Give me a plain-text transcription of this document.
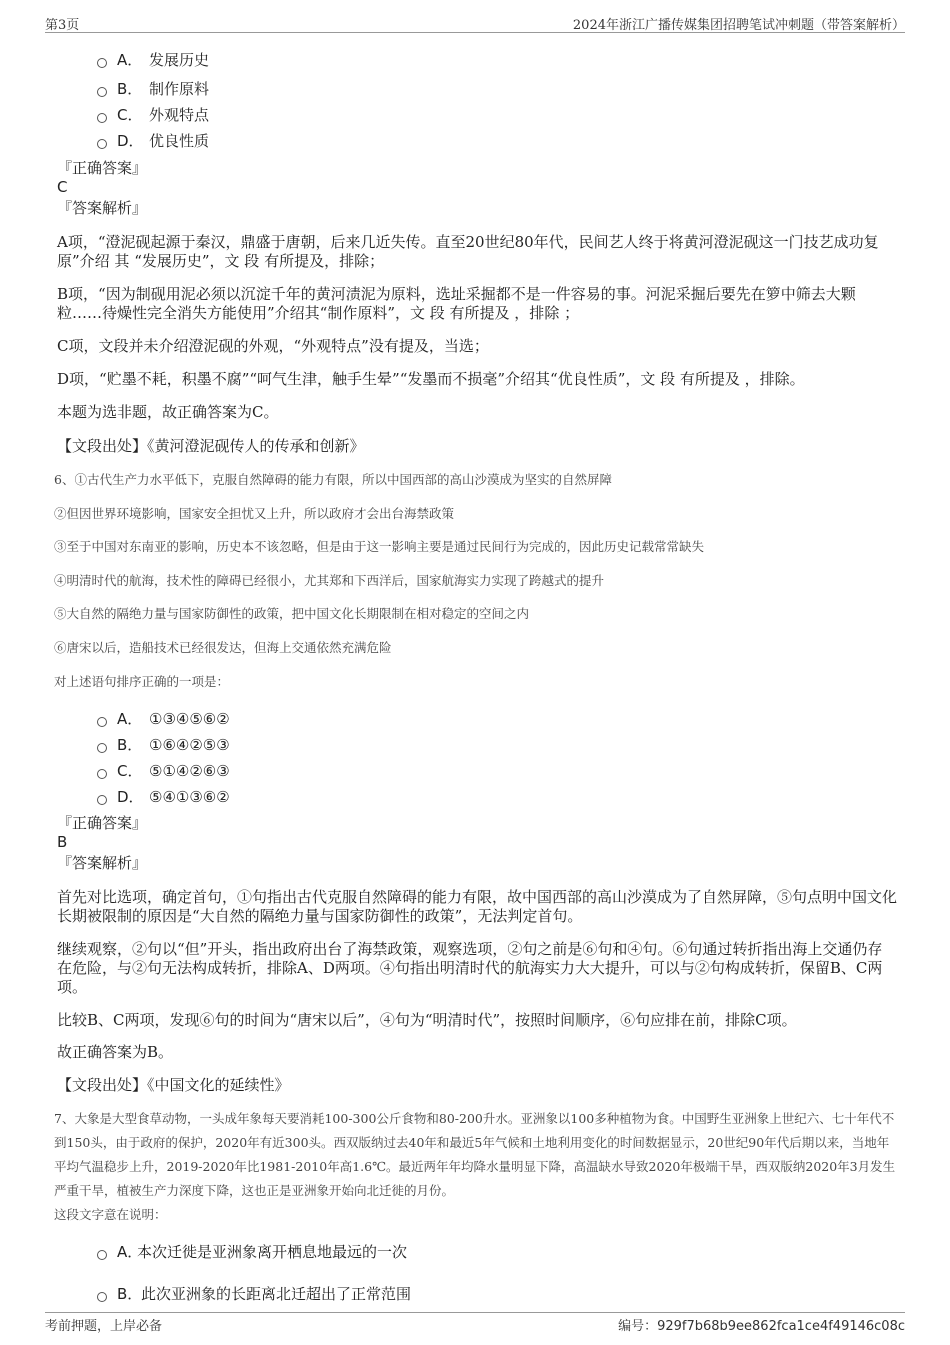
第3页	2024年浙江广播传媒集团招聘笔试冲刺题（带答案解析）
A． 发展历史
B． 制作原料
C． 外观特点
D． 优良性质
『正确答案』
C
『答案解析』
A项，“澄泥砚起源于秦汉，鼎盛于唐朝，后来几近失传。直至20世纪80年代，民间艺人终于将黄河澄泥砚这一门技艺成功复原”介绍 其 “发展历史”，文 段 有所提及，排除；
B项，“因为制砚用泥必须以沉淀千年的黄河渍泥为原料，选址采掘都不是一件容易的事。河泥采掘后要先在箩中筛去大颗粒……待燥性完全消失方能使用”介绍其“制作原料”，文 段 有所提及 ，排除 ；
C项，文段并未介绍澄泥砚的外观，“外观特点”没有提及，当选；
D项，“贮墨不耗，积墨不腐”“呵气生津，触手生晕”“发墨而不损毫”介绍其“优良性质”，文 段 有所提及 ，排除。
本题为选非题，故正确答案为C。
【文段出处】《黄河澄泥砚传人的传承和创新》
6、①古代生产力水平低下，克服自然障碍的能力有限，所以中国西部的高山沙漠成为坚实的自然屏障
②但因世界环境影响，国家安全担忧又上升，所以政府才会出台海禁政策
③至于中国对东南亚的影响，历史本不该忽略，但是由于这一影响主要是通过民间行为完成的，因此历史记载常常缺失
④明清时代的航海，技术性的障碍已经很小，尤其郑和下西洋后，国家航海实力实现了跨越式的提升
⑤大自然的隔绝力量与国家防御性的政策，把中国文化长期限制在相对稳定的空间之内
⑥唐宋以后，造船技术已经很发达，但海上交通依然充满危险
对上述语句排序正确的一项是：
A． ①③④⑤⑥②
B． ①⑥④②⑤③
C． ⑤①④②⑥③
D． ⑤④①③⑥②
『正确答案』
B
『答案解析』
首先对比选项，确定首句，①句指出古代克服自然障碍的能力有限，故中国西部的高山沙漠成为了自然屏障，⑤句点明中国文化长期被限制的原因是“大自然的隔绝力量与国家防御性的政策”，无法判定首句。
继续观察，②句以“但”开头，指出政府出台了海禁政策，观察选项，②句之前是⑥句和④句。⑥句通过转折指出海上交通仍存在危险，与②句无法构成转折，排除A、D两项。④句指出明清时代的航海实力大大提升，可以与②句构成转折，保留B、C两项。
比较B、C两项，发现⑥句的时间为“唐宋以后”，④句为“明清时代”，按照时间顺序，⑥句应排在前，排除C项。
故正确答案为B。
【文段出处】《中国文化的延续性》
7、大象是大型食草动物，一头成年象每天要消耗100-300公斤食物和80-200升水。亚洲象以100多种植物为食。中国野生亚洲象上世纪六、七十年代不到150头，由于政府的保护，2020年有近300头。西双版纳过去40年和最近5年气候和土地利用变化的时间数据显示，20世纪90年代后期以来，当地年平均气温稳步上升，2019-2020年比1981-2010年高1.6℃。最近两年年均降水量明显下降，高温缺水导致2020年极端干旱，西双版纳2020年3月发生严重干旱，植被生产力深度下降，这也正是亚洲象开始向北迁徙的月份。
这段文字意在说明：
A．
本次迁徙是亚洲象离开栖息地最远的一次
B．
此次亚洲象的长距离北迁超出了正常范围
考前押题，上岸必备	编号：929f7b68b9ee862fca1ce4f49146c08c
